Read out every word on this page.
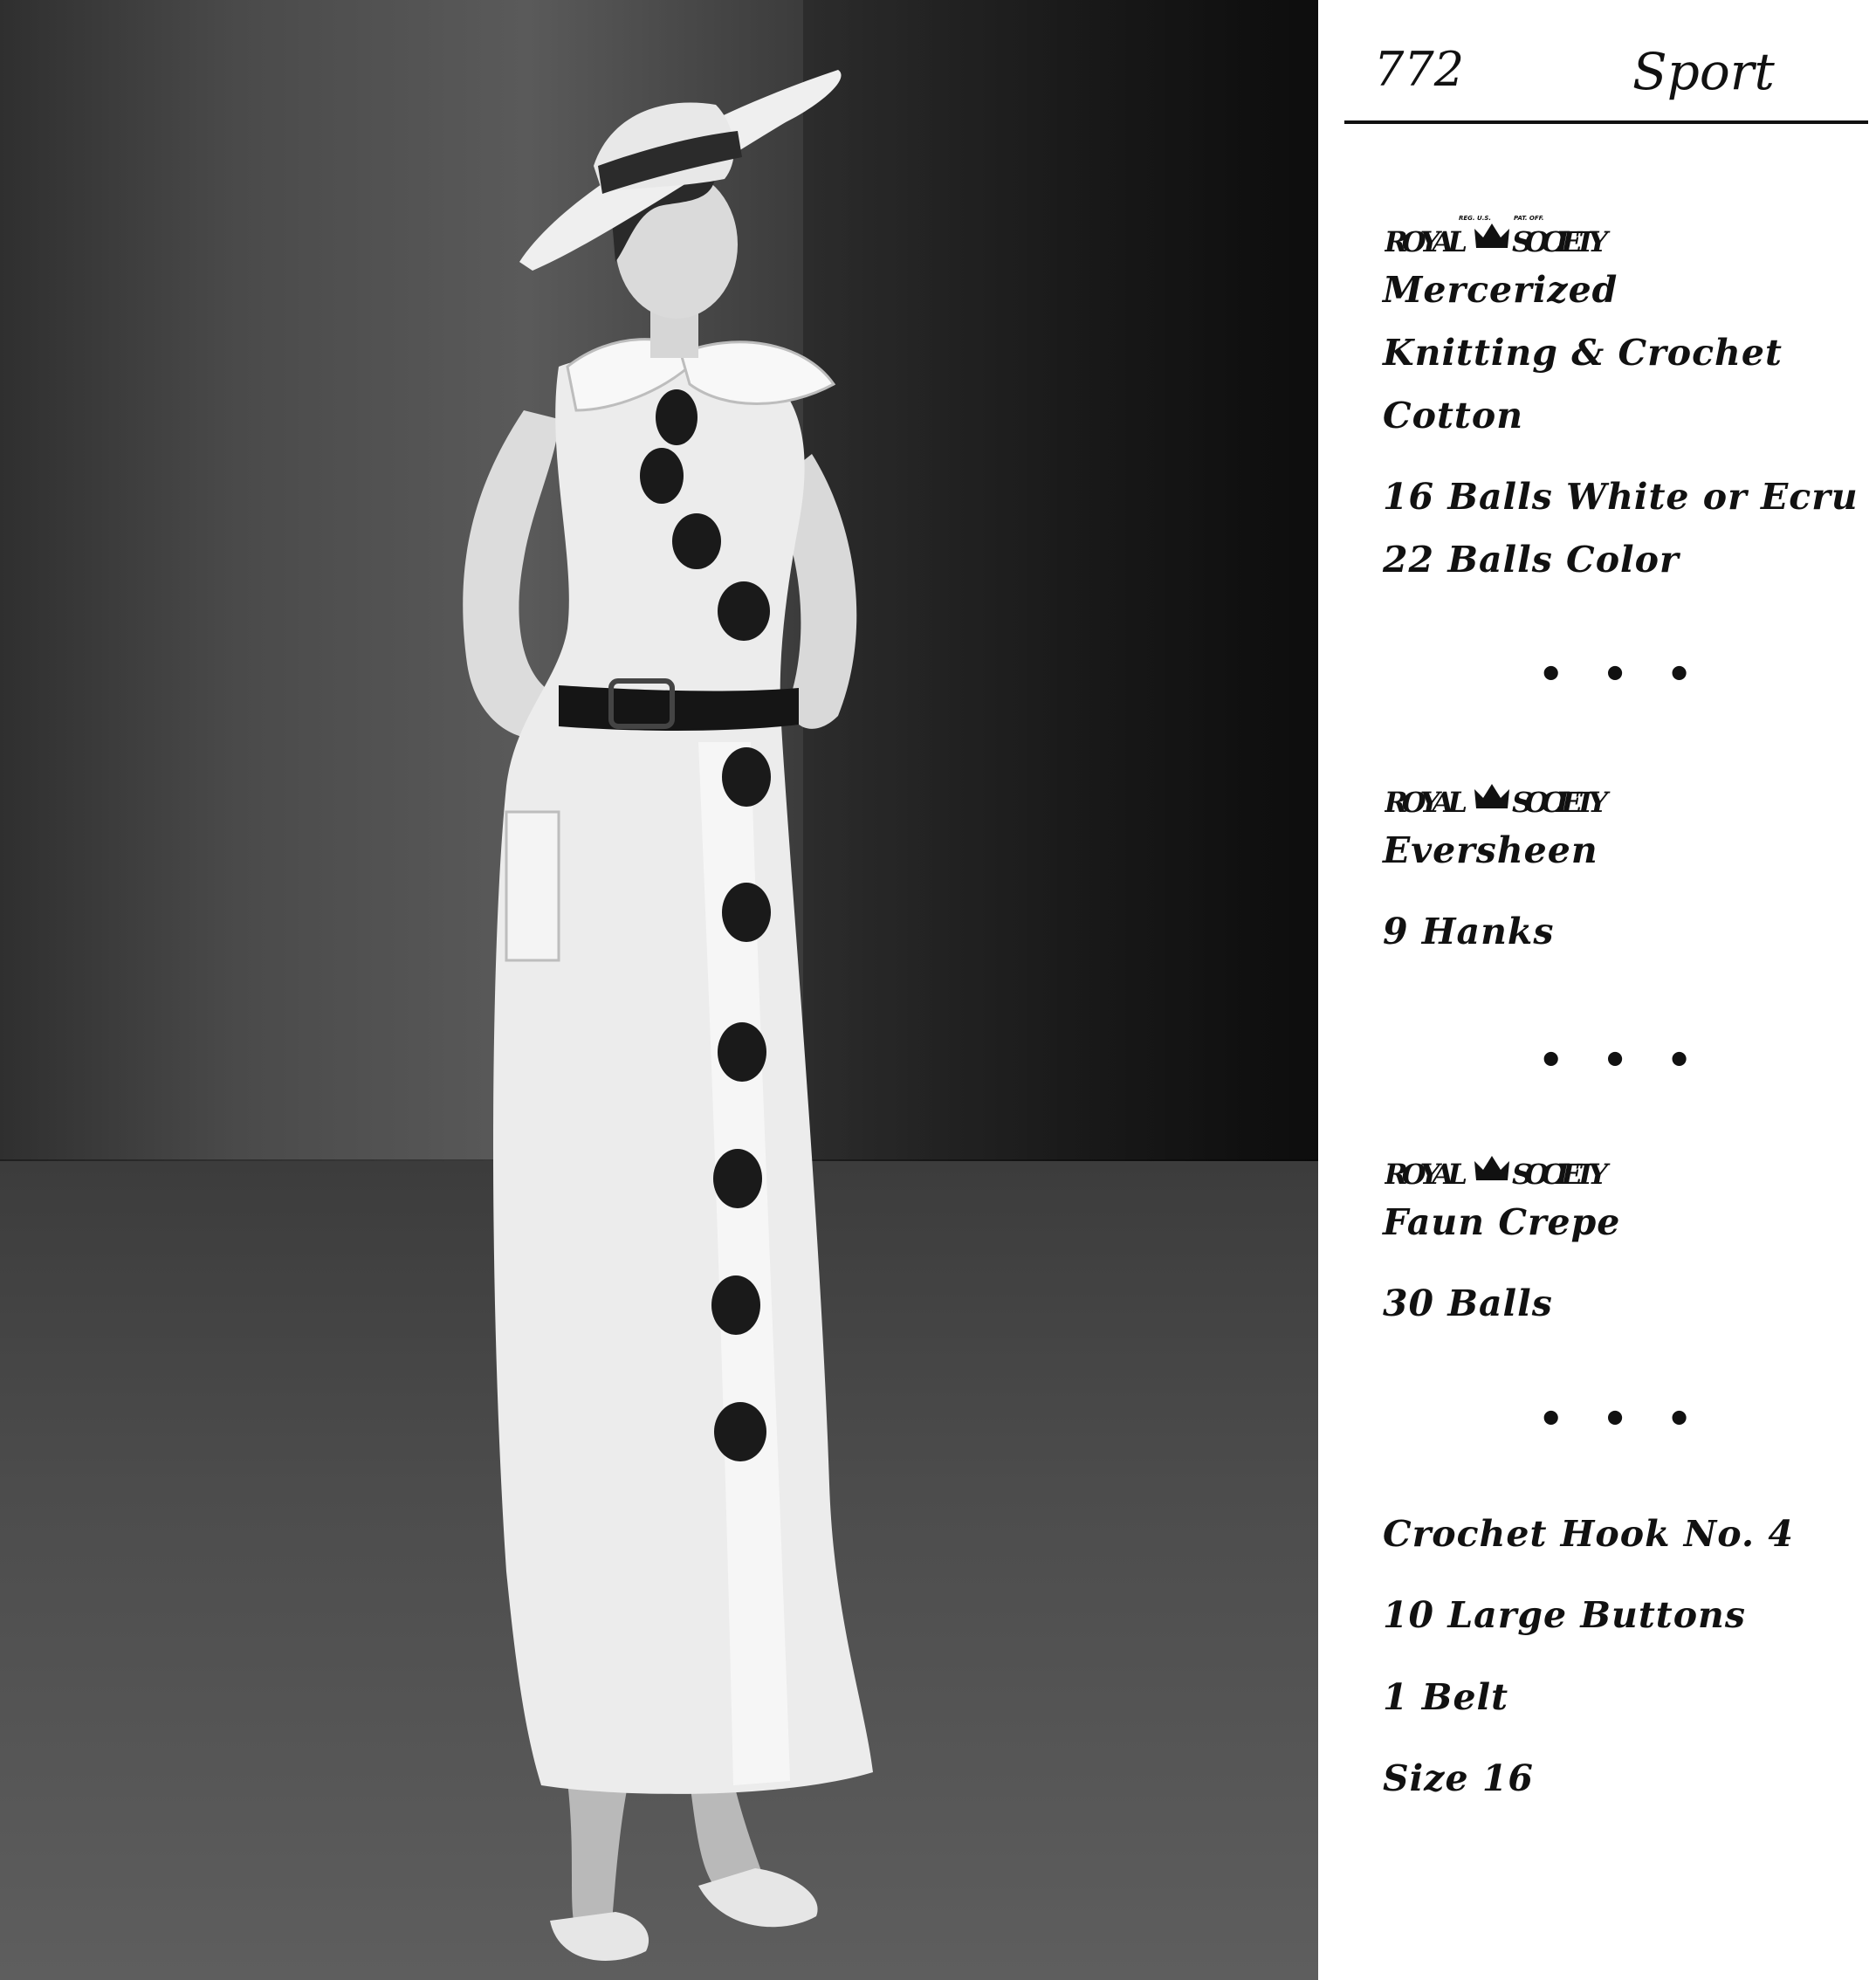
772	Sport
ROYAL
REG. U.S.	PAT. OFF.
SOCIETY
Mercerized
Knitting & Crochet
Cotton
16 Balls White or Ecru
22 Balls Color
• • •
ROYAL SOCIETY
Eversheen
9 Hanks
• • •
ROYAL SOCIETY
Faun Crepe
30 Balls
• • •
Crochet Hook No. 4
10 Large Buttons
1 Belt
Size 16
